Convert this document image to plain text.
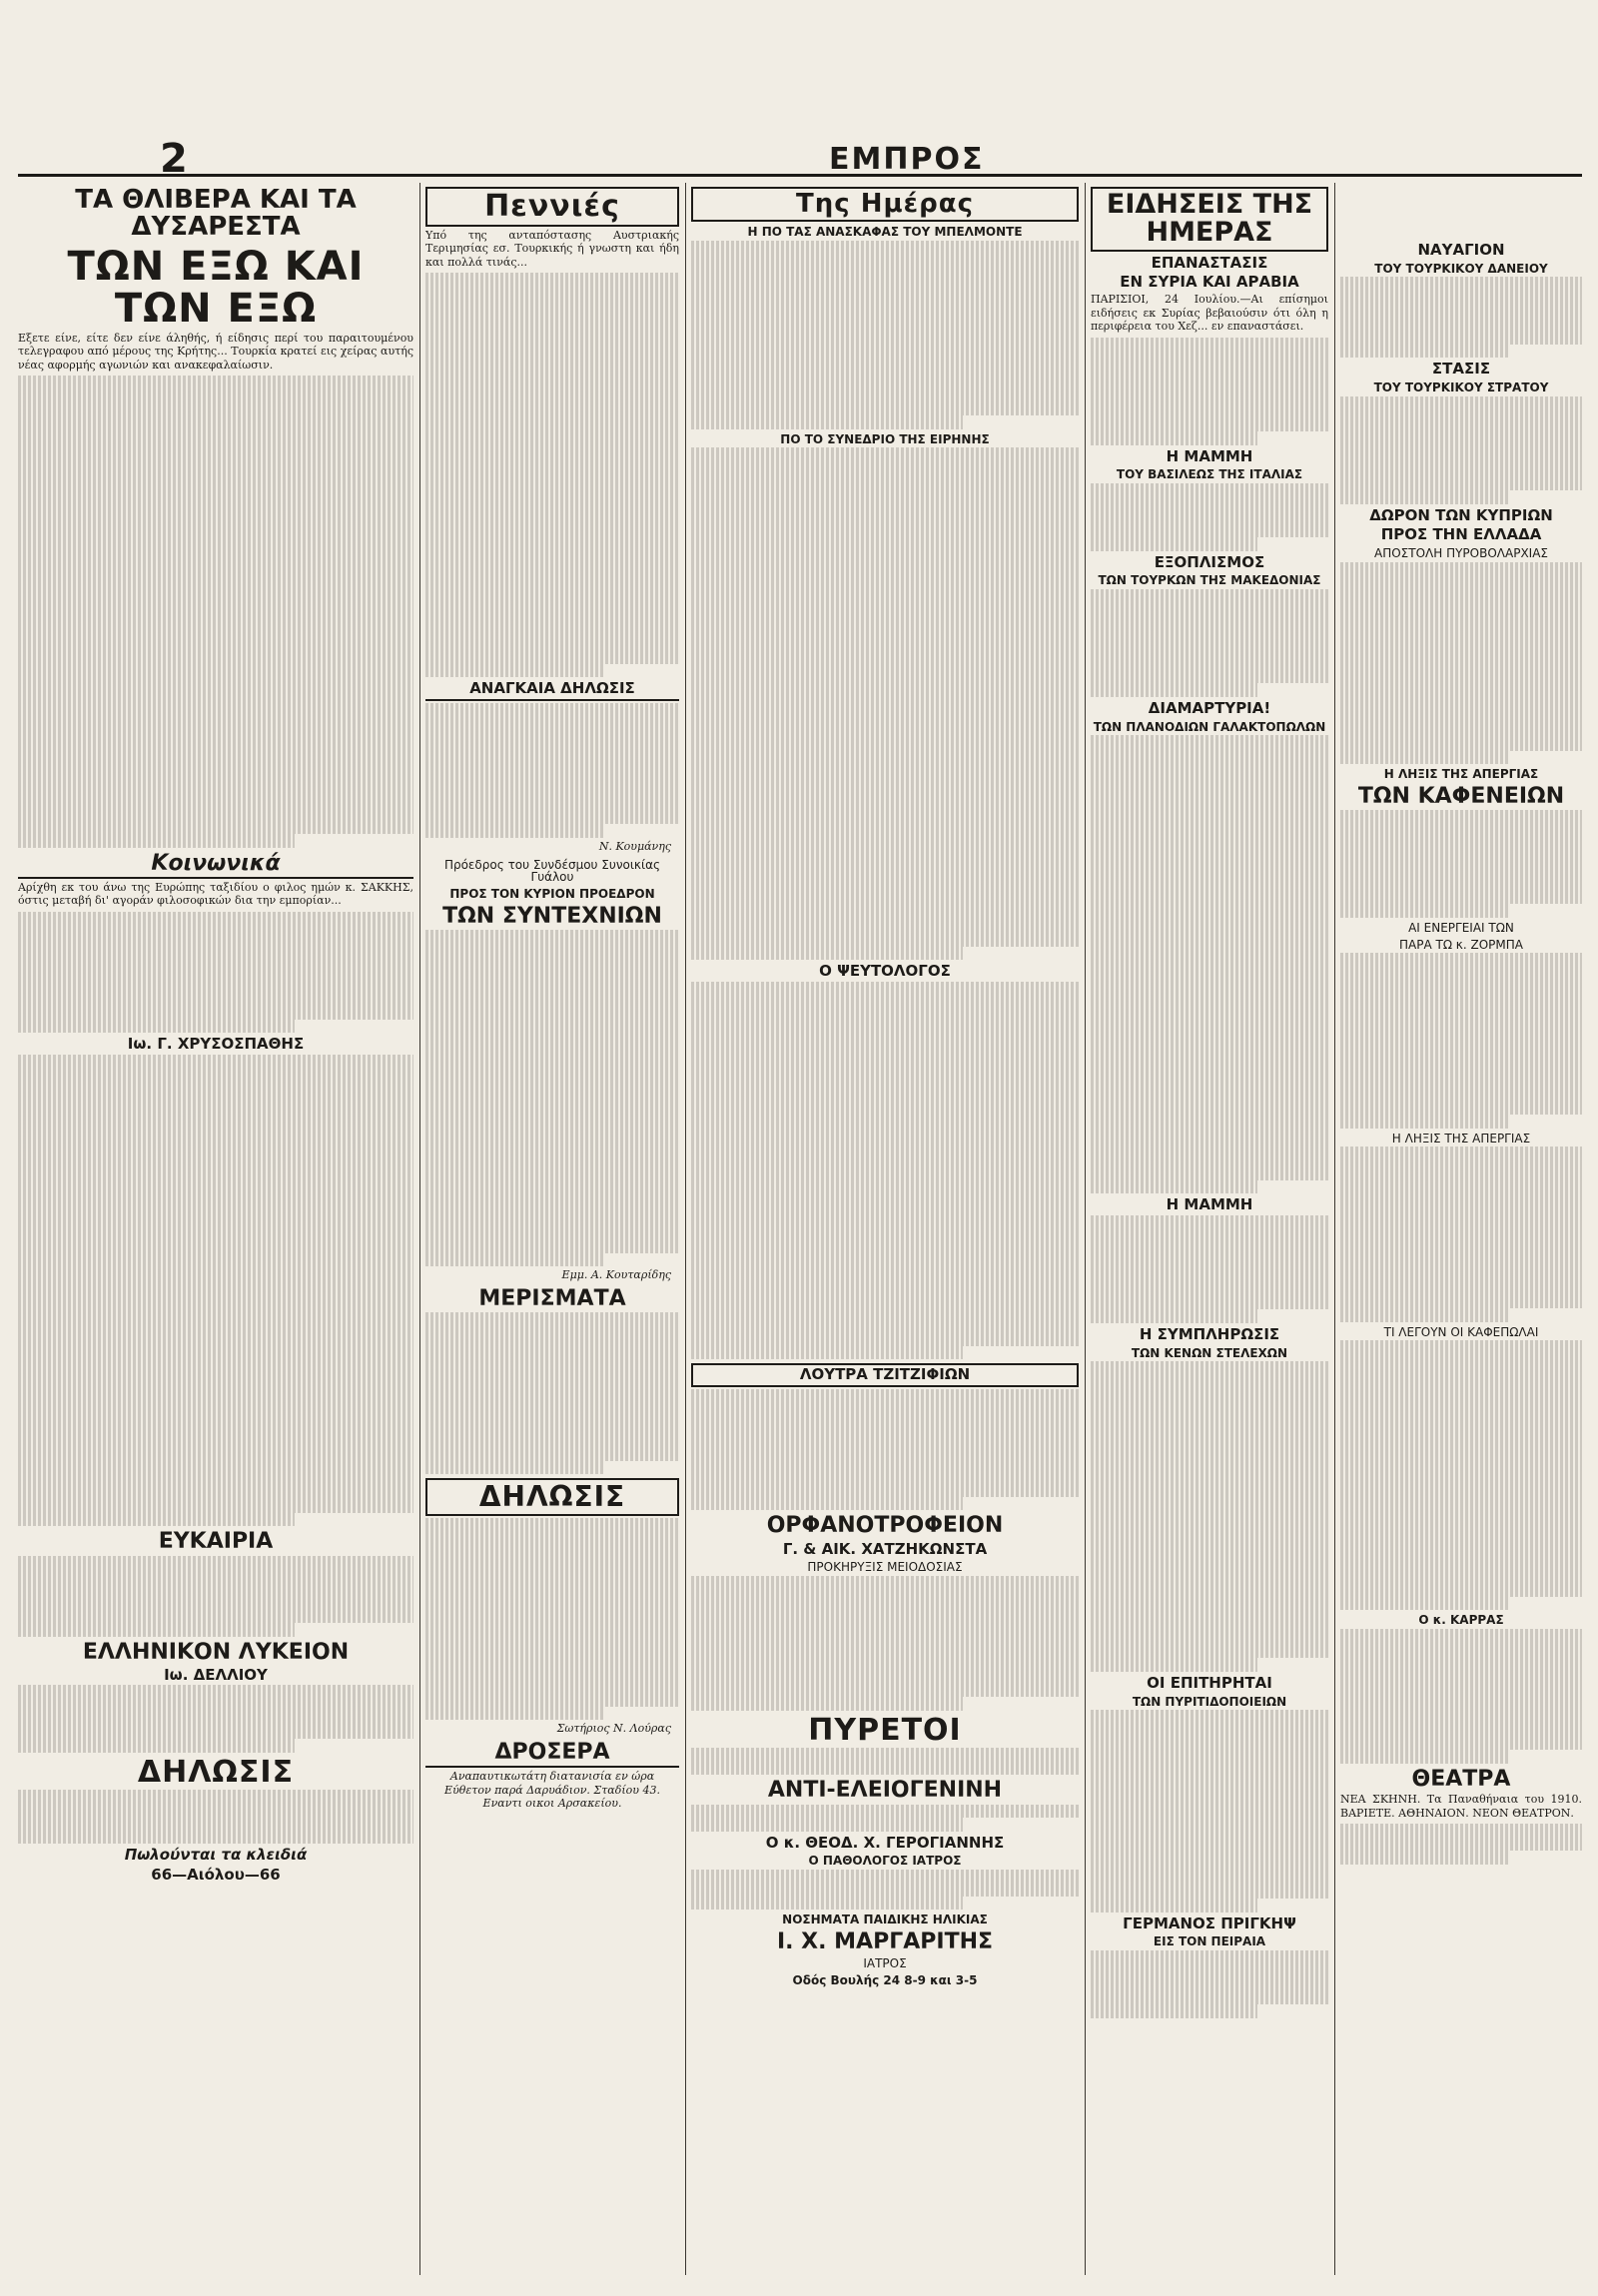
2	ΕΜΠΡΟΣ
ΤΑ ΘΛΙΒΕΡΑ ΚΑΙ ΤΑ ΔΥΣΑΡΕΣΤΑ
ΤΩΝ ΕΞΩ ΚΑΙ ΤΩΝ ΕΞΩ
Εξετε είνε, είτε δεν είνε άληθής, ή είδησις περί του παραιτουμένου τελεγραφου από μέρους της Κρήτης... Τουρκία κρατεί εις χείρας αυτής νέας αφορμής αγωνιών και ανακεφαλαίωσιν.
Κοινωνικά
Αρίχθη εκ του άνω της Ευρώπης ταξιδίου ο φιλος ημών κ. ΣΑΚΚΗΣ, όστις μεταβή δι' αγοράν φιλοσοφικών δια την εμπορίαν...
Ιω. Γ. ΧΡΥΣΟΣΠΑΘΗΣ
ΕΥΚΑΙΡΙΑ
ΕΛΛΗΝΙΚΟΝ ΛΥΚΕΙΟΝ
Ιω. ΔΕΛΛΙΟΥ
ΔΗΛΩΣΙΣ
Πωλούνται τα κλειδιά
66—Αιόλου—66
Πεννιές
Υπό της ανταπόστασης Αυστριακής Τεριμησίας εσ. Τουρκικής ή γνωστη και ήδη και πολλά τινάς...
ΑΝΑΓΚΑΙΑ ΔΗΛΩΣΙΣ
Ν. Κουμάνης
Πρόεδρος του Συνδέσμου Συνοικίας Γυάλου
ΠΡΟΣ ΤΟΝ ΚΥΡΙΟΝ ΠΡΟΕΔΡΟΝ
ΤΩΝ ΣΥΝΤΕΧΝΙΩΝ
Εμμ. Α. Κουταρίδης
ΜΕΡΙΣΜΑΤΑ
ΔΗΛΩΣΙΣ
Σωτήριος Ν. Λούρας
ΔΡΟΣΕΡΑ
Αναπαυτικωτάτη διατανισία εν ώρα Εύθετον παρά Δαρυάδιον. Σταδίου 43. Εναντι οικοι Αρσακείου.
Της Ημέρας
Η ΠΟ ΤΑΣ ΑΝΑΣΚΑΦΑΣ ΤΟΥ ΜΠΕΛΜΟΝΤΕ
ΠΟ ΤΟ ΣΥΝΕΔΡΙΟ ΤΗΣ ΕΙΡΗΝΗΣ
Ο ΨΕΥΤΟΛΟΓΟΣ
ΛΟΥΤΡΑ ΤΖΙΤΖΙΦΙΩΝ
ΟΡΦΑΝΟΤΡΟΦΕΙΟΝ
Γ. & ΑΙΚ. ΧΑΤΖΗΚΩΝΣΤΑ
ΠΡΟΚΗΡΥΞΙΣ ΜΕΙΟΔΟΣΙΑΣ
ΠΥΡΕΤΟΙ
ΑΝΤΙ-ΕΛΕΙΟΓΕΝΙΝΗ
Ο κ. ΘΕΟΔ. Χ. ΓΕΡΟΓΙΑΝΝΗΣ
Ο ΠΑΘΟΛΟΓΟΣ ΙΑΤΡΟΣ
ΝΟΣΗΜΑΤΑ ΠΑΙΔΙΚΗΣ ΗΛΙΚΙΑΣ
Ι. Χ. ΜΑΡΓΑΡΙΤΗΣ
ΙΑΤΡΟΣ
Οδός Βουλής 24 8-9 και 3-5
ΕΙΔΗΣΕΙΣ ΤΗΣ ΗΜΕΡΑΣ
ΕΠΑΝΑΣΤΑΣΙΣ
ΕΝ ΣΥΡΙΑ ΚΑΙ ΑΡΑΒΙΑ
ΠΑΡΙΣΙΟΙ, 24 Ιουλίου.—Αι επίσημοι ειδήσεις εκ Συρίας βεβαιούσιν ότι όλη η περιφέρεια του Χεζ... εν επαναστάσει.
Η ΜΑΜΜΗ
ΤΟΥ ΒΑΣΙΛΕΩΣ ΤΗΣ ΙΤΑΛΙΑΣ
ΕΞΟΠΛΙΣΜΟΣ
ΤΩΝ ΤΟΥΡΚΩΝ ΤΗΣ ΜΑΚΕΔΟΝΙΑΣ
ΔΙΑΜΑΡΤΥΡΙΑ!
ΤΩΝ ΠΛΑΝΟΔΙΩΝ ΓΑΛΑΚΤΟΠΩΛΩΝ
Η ΜΑΜΜΗ
Η ΣΥΜΠΛΗΡΩΣΙΣ
ΤΩΝ ΚΕΝΩΝ ΣΤΕΛΕΧΩΝ
ΟΙ ΕΠΙΤΗΡΗΤΑΙ
ΤΩΝ ΠΥΡΙΤΙΔΟΠΟΙΕΙΩΝ
ΓΕΡΜΑΝΟΣ ΠΡΙΓΚΗΨ
ΕΙΣ ΤΟΝ ΠΕΙΡΑΙΑ
ΝΑΥΑΓΙΟΝ
ΤΟΥ ΤΟΥΡΚΙΚΟΥ ΔΑΝΕΙΟΥ
ΣΤΑΣΙΣ
ΤΟΥ ΤΟΥΡΚΙΚΟΥ ΣΤΡΑΤΟΥ
ΔΩΡΟΝ ΤΩΝ ΚΥΠΡΙΩΝ
ΠΡΟΣ ΤΗΝ ΕΛΛΑΔΑ
ΑΠΟΣΤΟΛΗ ΠΥΡΟΒΟΛΑΡΧΙΑΣ
Η ΛΗΞΙΣ ΤΗΣ ΑΠΕΡΓΙΑΣ
ΤΩΝ ΚΑΦΕΝΕΙΩΝ
ΑΙ ΕΝΕΡΓΕΙΑΙ ΤΩΝ
ΠΑΡΑ ΤΩ κ. ΖΟΡΜΠΑ
Η ΛΗΞΙΣ ΤΗΣ ΑΠΕΡΓΙΑΣ
ΤΙ ΛΕΓΟΥΝ ΟΙ ΚΑΦΕΠΩΛΑΙ
Ο κ. ΚΑΡΡΑΣ
ΘΕΑΤΡΑ
ΝΕΑ ΣΚΗΝΗ. Τα Παναθήναια του 1910. ΒΑΡΙΕΤΕ. ΑΘΗΝΑΙΟΝ. ΝΕΟΝ ΘΕΑΤΡΟΝ.
